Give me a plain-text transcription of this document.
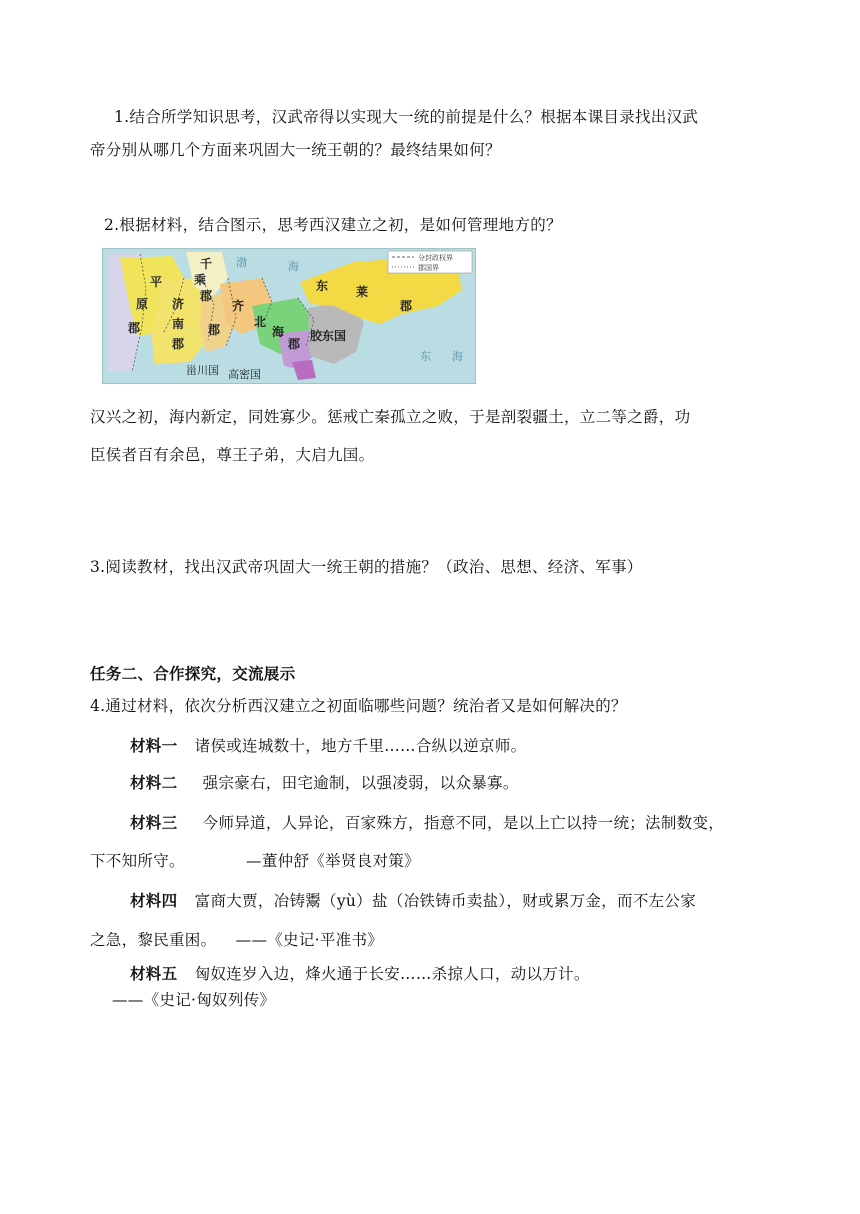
1.结合所学知识思考，汉武帝得以实现大一统的前提是什么？根据本课目录找出汉武
帝分别从哪几个方面来巩固大一统王朝的？最终结果如何？
2.根据材料，结合图示，思考西汉建立之初，是如何管理地方的？
分封政权界
郡国界
平
原
郡
济
南
郡
千
乘
郡
齐
郡
北
海
郡
胶东国
东 莱
郡
甾川国 高密国
渤	海
东 海
汉兴之初，海内新定，同姓寡少。惩戒亡秦孤立之败，于是剖裂疆土，立二等之爵，功
臣侯者百有余邑，尊王子弟，大启九国。
3.阅读教材，找出汉武帝巩固大一统王朝的措施？（政治、思想、经济、军事）
任务二、合作探究，交流展示
4.通过材料，依次分析西汉建立之初面临哪些问题？统治者又是如何解决的？
材料一 诸侯或连城数十，地方千里……合纵以逆京师。
材料二 强宗豪右，田宅逾制，以强凌弱，以众暴寡。
材料三 今师异道，人异论，百家殊方，指意不同，是以上亡以持一统；法制数变，
下不知所守。	—董仲舒《举贤良对策》
材料四 富商大贾，冶铸鬻（yù）盐（冶铁铸币卖盐），财或累万金，而不左公家
之急，黎民重困。 ——《史记·平准书》
材料五 匈奴连岁入边，烽火通于长安……杀掠人口，动以万计。
——《史记·匈奴列传》
